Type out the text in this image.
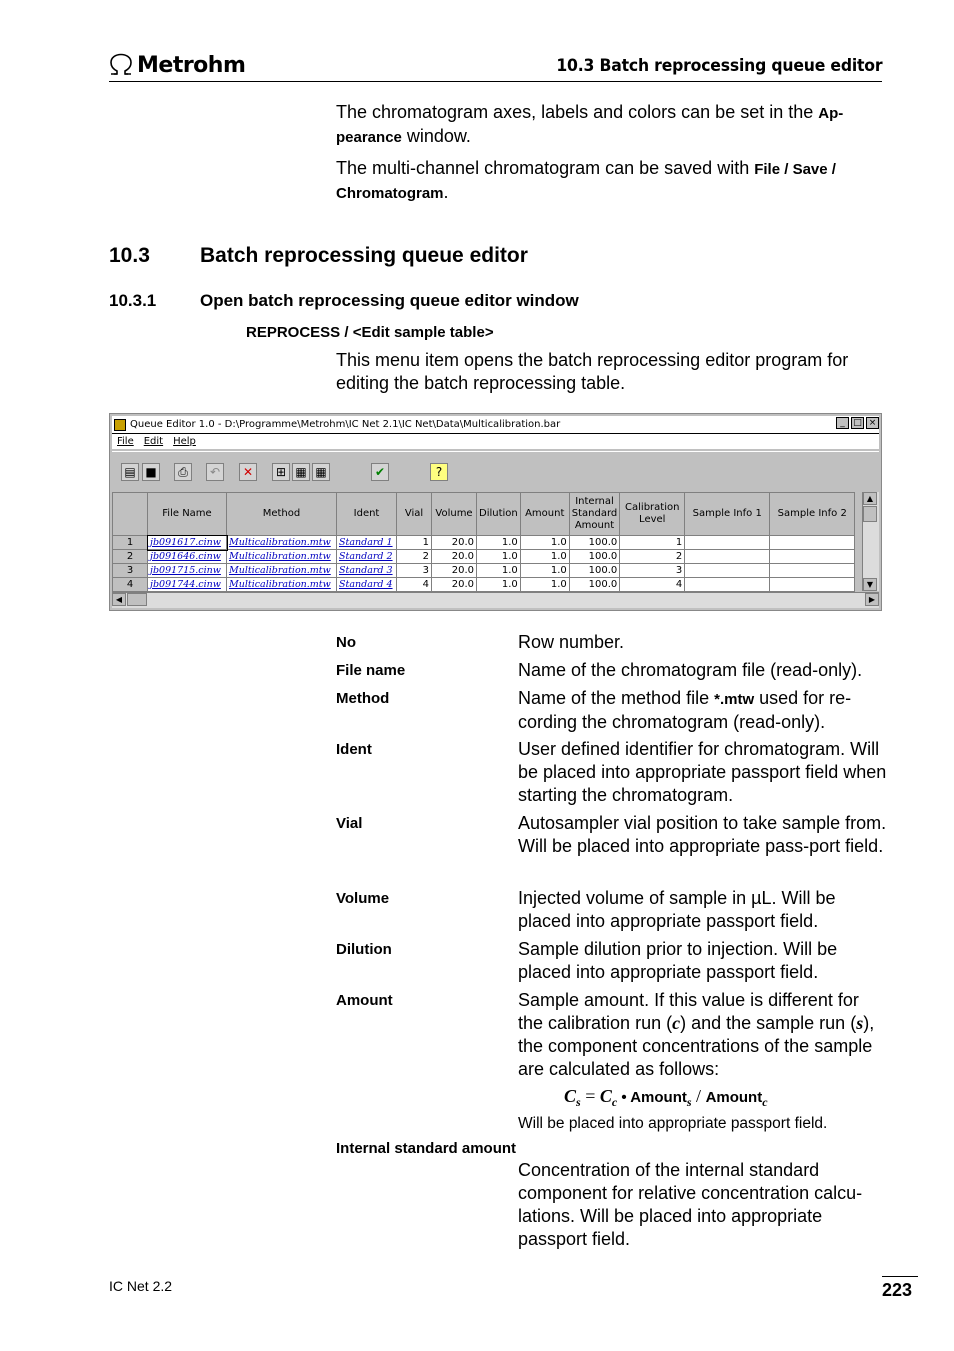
Metrohm	10.3 Batch reprocessing queue editor
The chromatogram axes, labels and colors can be set in the Ap-
pearance window.
The multi-channel chromatogram can be saved with File / Save /
Chromatogram.
10.3 Batch reprocessing queue editor
10.3.1	Open batch reprocessing queue editor window
REPROCESS / <Edit sample table>
This menu item opens the batch reprocessing editor program for editing the batch reprocessing table.
Queue Editor 1.0 - D:\Programme\Metrohm\IC Net 2.1\IC Net\Data\Multicalibration.bar	_ □ ×
File Edit Help
▤ ■	⎙	↶	✕	⊞ ▦ ▦	✔	?
	File Name	Method	Ident	Vial	Volume	Dilution	Amount	Internal Standard Amount	Calibration Level	Sample Info 1	Sample Info 2
1	jb091617.cinw	Multicalibration.mtw	Standard 1	1	20.0	1.0	1.0	100.0	1		
2	jb091646.cinw	Multicalibration.mtw	Standard 2	2	20.0	1.0	1.0	100.0	2		
3	jb091715.cinw	Multicalibration.mtw	Standard 3	3	20.0	1.0	1.0	100.0	3		
4	jb091744.cinw	Multicalibration.mtw	Standard 4	4	20.0	1.0	1.0	100.0	4		
▲
▼
◀	▶
No	Row number.
File name	Name of the chromatogram file (read-only).
Method	Name of the method file *.mtw used for re-cording the chromatogram (read-only).
Ident	User defined identifier for chromatogram. Will be placed into appropriate passport field when starting the chromatogram.
Vial	Autosampler vial position to take sample from. Will be placed into appropriate pass-port field.
Volume	Injected volume of sample in µL. Will be placed into appropriate passport field.
Dilution	Sample dilution prior to injection. Will be placed into appropriate passport field.
Amount	Sample amount. If this value is different for the calibration run (c) and the sample run (s), the component concentrations of the sample are calculated as follows:
$C_s = C_c$ • Amount$_s$ / Amount$_c$
Will be placed into appropriate passport field.
Internal standard amount
Concentration of the internal standard component for relative concentration calcu-lations. Will be placed into appropriate passport field.
IC Net 2.2	223
